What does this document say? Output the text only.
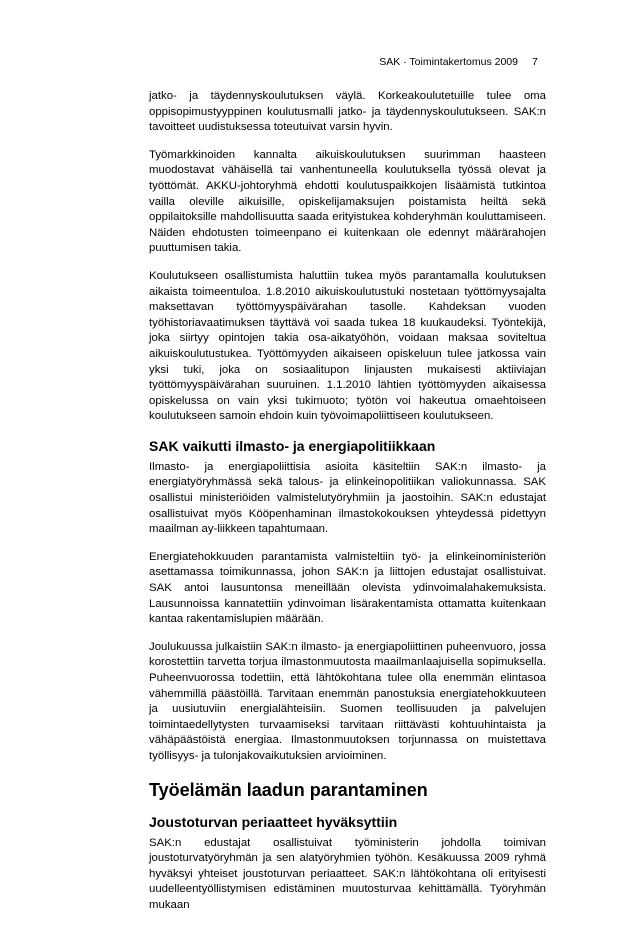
SAK · Toimintakertomus 2009 7

jatko- ja täydennyskoulutuksen väylä. Korkeakoulutetuille tulee oma oppisopimustyyppinen koulutusmalli jatko- ja täydennyskoulutukseen. SAK:n tavoitteet uudistuksessa toteutuivat varsin hyvin.

Työmarkkinoiden kannalta aikuiskoulutuksen suurimman haasteen muodostavat vähäisellä tai vanhentuneella koulutuksella työssä olevat ja työttömät. AKKU-johtoryhmä ehdotti koulutuspaikkojen lisäämistä tutkintoa vailla oleville aikuisille, opiskelijamaksujen poistamista heiltä sekä oppilaitoksille mahdollisuutta saada erityistukea kohderyhmän kouluttamiseen. Näiden ehdotusten toimeenpano ei kuitenkaan ole edennyt määrärahojen puuttumisen takia.

Koulutukseen osallistumista haluttiin tukea myös parantamalla koulutuksen aikaista toimeentuloa. 1.8.2010 aikuiskoulutustuki nostetaan työttömyysajalta maksettavan työttömyyspäivärahan tasolle. Kahdeksan vuoden työhistoriavaatimuksen täyttävä voi saada tukea 18 kuukaudeksi. Työntekijä, joka siirtyy opintojen takia osa-aikatyöhön, voidaan maksaa soviteltua aikuiskoulutustukea. Työttömyyden aikaiseen opiskeluun tulee jatkossa vain yksi tuki, joka on sosiaalitupon linjausten mukaisesti aktiiviajan työttömyyspäivärahan suuruinen. 1.1.2010 lähtien työttömyyden aikaisessa opiskelussa on vain yksi tukimuoto; työtön voi hakeutua omaehtoiseen koulutukseen samoin ehdoin kuin työvoimapoliittiseen koulutukseen.

SAK vaikutti ilmasto- ja energiapolitiikkaan

Ilmasto- ja energiapoliittisia asioita käsiteltiin SAK:n ilmasto- ja energiatyöryhmässä sekä talous- ja elinkeinopolitiikan valiokunnassa. SAK osallistui ministeriöiden valmistelutyöryhmiin ja jaostoihin. SAK:n edustajat osallistuivat myös Kööpenhaminan ilmastokokouksen yhteydessä pidettyyn maailman ay-liikkeen tapahtumaan.

Energiatehokkuuden parantamista valmisteltiin työ- ja elinkeinoministeriön asettamassa toimikunnassa, johon SAK:n ja liittojen edustajat osallistuivat. SAK antoi lausuntonsa meneillään olevista ydinvoimalahakemuksista. Lausunnoissa kannatettiin ydinvoiman lisärakentamista ottamatta kuitenkaan kantaa rakentamislupien määrään.

Joulukuussa julkaistiin SAK:n ilmasto- ja energiapoliittinen puheenvuoro, jossa korostettiin tarvetta torjua ilmastonmuutosta maailmanlaajuisella sopimuksella. Puheenvuorossa todettiin, että lähtökohtana tulee olla enemmän elintasoa vähemmillä päästöillä. Tarvitaan enemmän panostuksia energiatehokkuuteen ja uusiutuviin energialähteisiin. Suomen teollisuuden ja palvelujen toimintaedellytysten turvaamiseksi tarvitaan riittävästi kohtuuhintaista ja vähäpäästöistä energiaa. Ilmastonmuutoksen torjunnassa on muistettava työllisyys- ja tulonjakovaikutuksien arvioiminen.

Työelämän laadun parantaminen
Joustoturvan periaatteet hyväksyttiin

SAK:n edustajat osallistuivat työministerin johdolla toimivan joustoturvatyöryhmän ja sen alatyöryhmien työhön. Kesäkuussa 2009 ryhmä hyväksyi yhteiset joustoturvan periaatteet. SAK:n lähtökohtana oli erityisesti uudelleentyöllistymisen edistäminen muutosturvaa kehittämällä. Työryhmän mukaan
